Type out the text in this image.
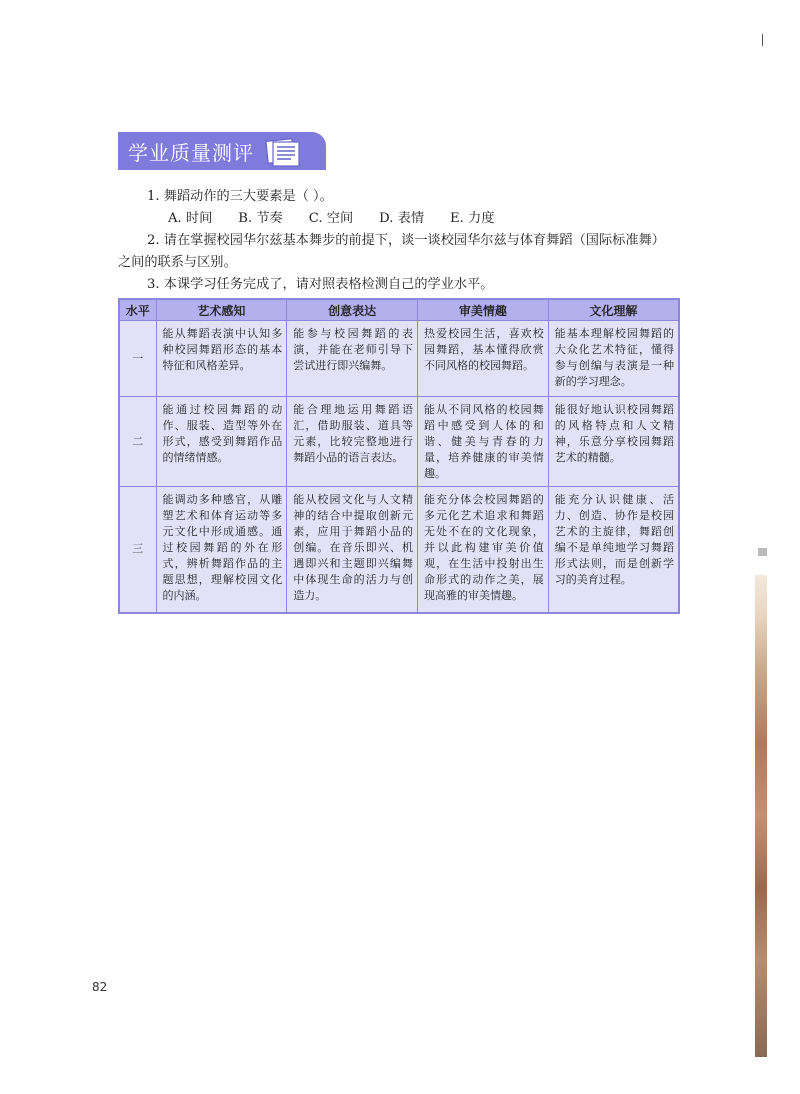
学业质量测评

1. 舞蹈动作的三大要素是（ ）。

A. 时间 B. 节奏 C. 空间 D. 表情 E. 力度

2. 请在掌握校园华尔兹基本舞步的前提下，谈一谈校园华尔兹与体育舞蹈（国际标准舞）之间的联系与区别。

3. 本课学习任务完成了，请对照表格检测自己的学业水平。

水平	艺术感知	创意表达	审美情趣	文化理解
一	能从舞蹈表演中认知多种校园舞蹈形态的基本特征和风格差异。	能参与校园舞蹈的表演，并能在老师引导下尝试进行即兴编舞。	热爱校园生活，喜欢校园舞蹈，基本懂得欣赏不同风格的校园舞蹈。	能基本理解校园舞蹈的大众化艺术特征，懂得参与创编与表演是一种新的学习理念。
二	能通过校园舞蹈的动作、服装、造型等外在形式，感受到舞蹈作品的情绪情感。	能合理地运用舞蹈语汇，借助服装、道具等元素，比较完整地进行舞蹈小品的语言表达。	能从不同风格的校园舞蹈中感受到人体的和谐、健美与青春的力量，培养健康的审美情趣。	能很好地认识校园舞蹈的风格特点和人文精神，乐意分享校园舞蹈艺术的精髓。
三	能调动多种感官，从雕塑艺术和体育运动等多元文化中形成通感。通过校园舞蹈的外在形式，辨析舞蹈作品的主题思想，理解校园文化的内涵。	能从校园文化与人文精神的结合中提取创新元素，应用于舞蹈小品的创编。在音乐即兴、机遇即兴和主题即兴编舞中体现生命的活力与创造力。	能充分体会校园舞蹈的多元化艺术追求和舞蹈无处不在的文化现象，并以此构建审美价值观，在生活中投射出生命形式的动作之美，展现高雅的审美情趣。	能充分认识健康、活力、创造、协作是校园艺术的主旋律，舞蹈创编不是单纯地学习舞蹈形式法则，而是创新学习的美育过程。
82
